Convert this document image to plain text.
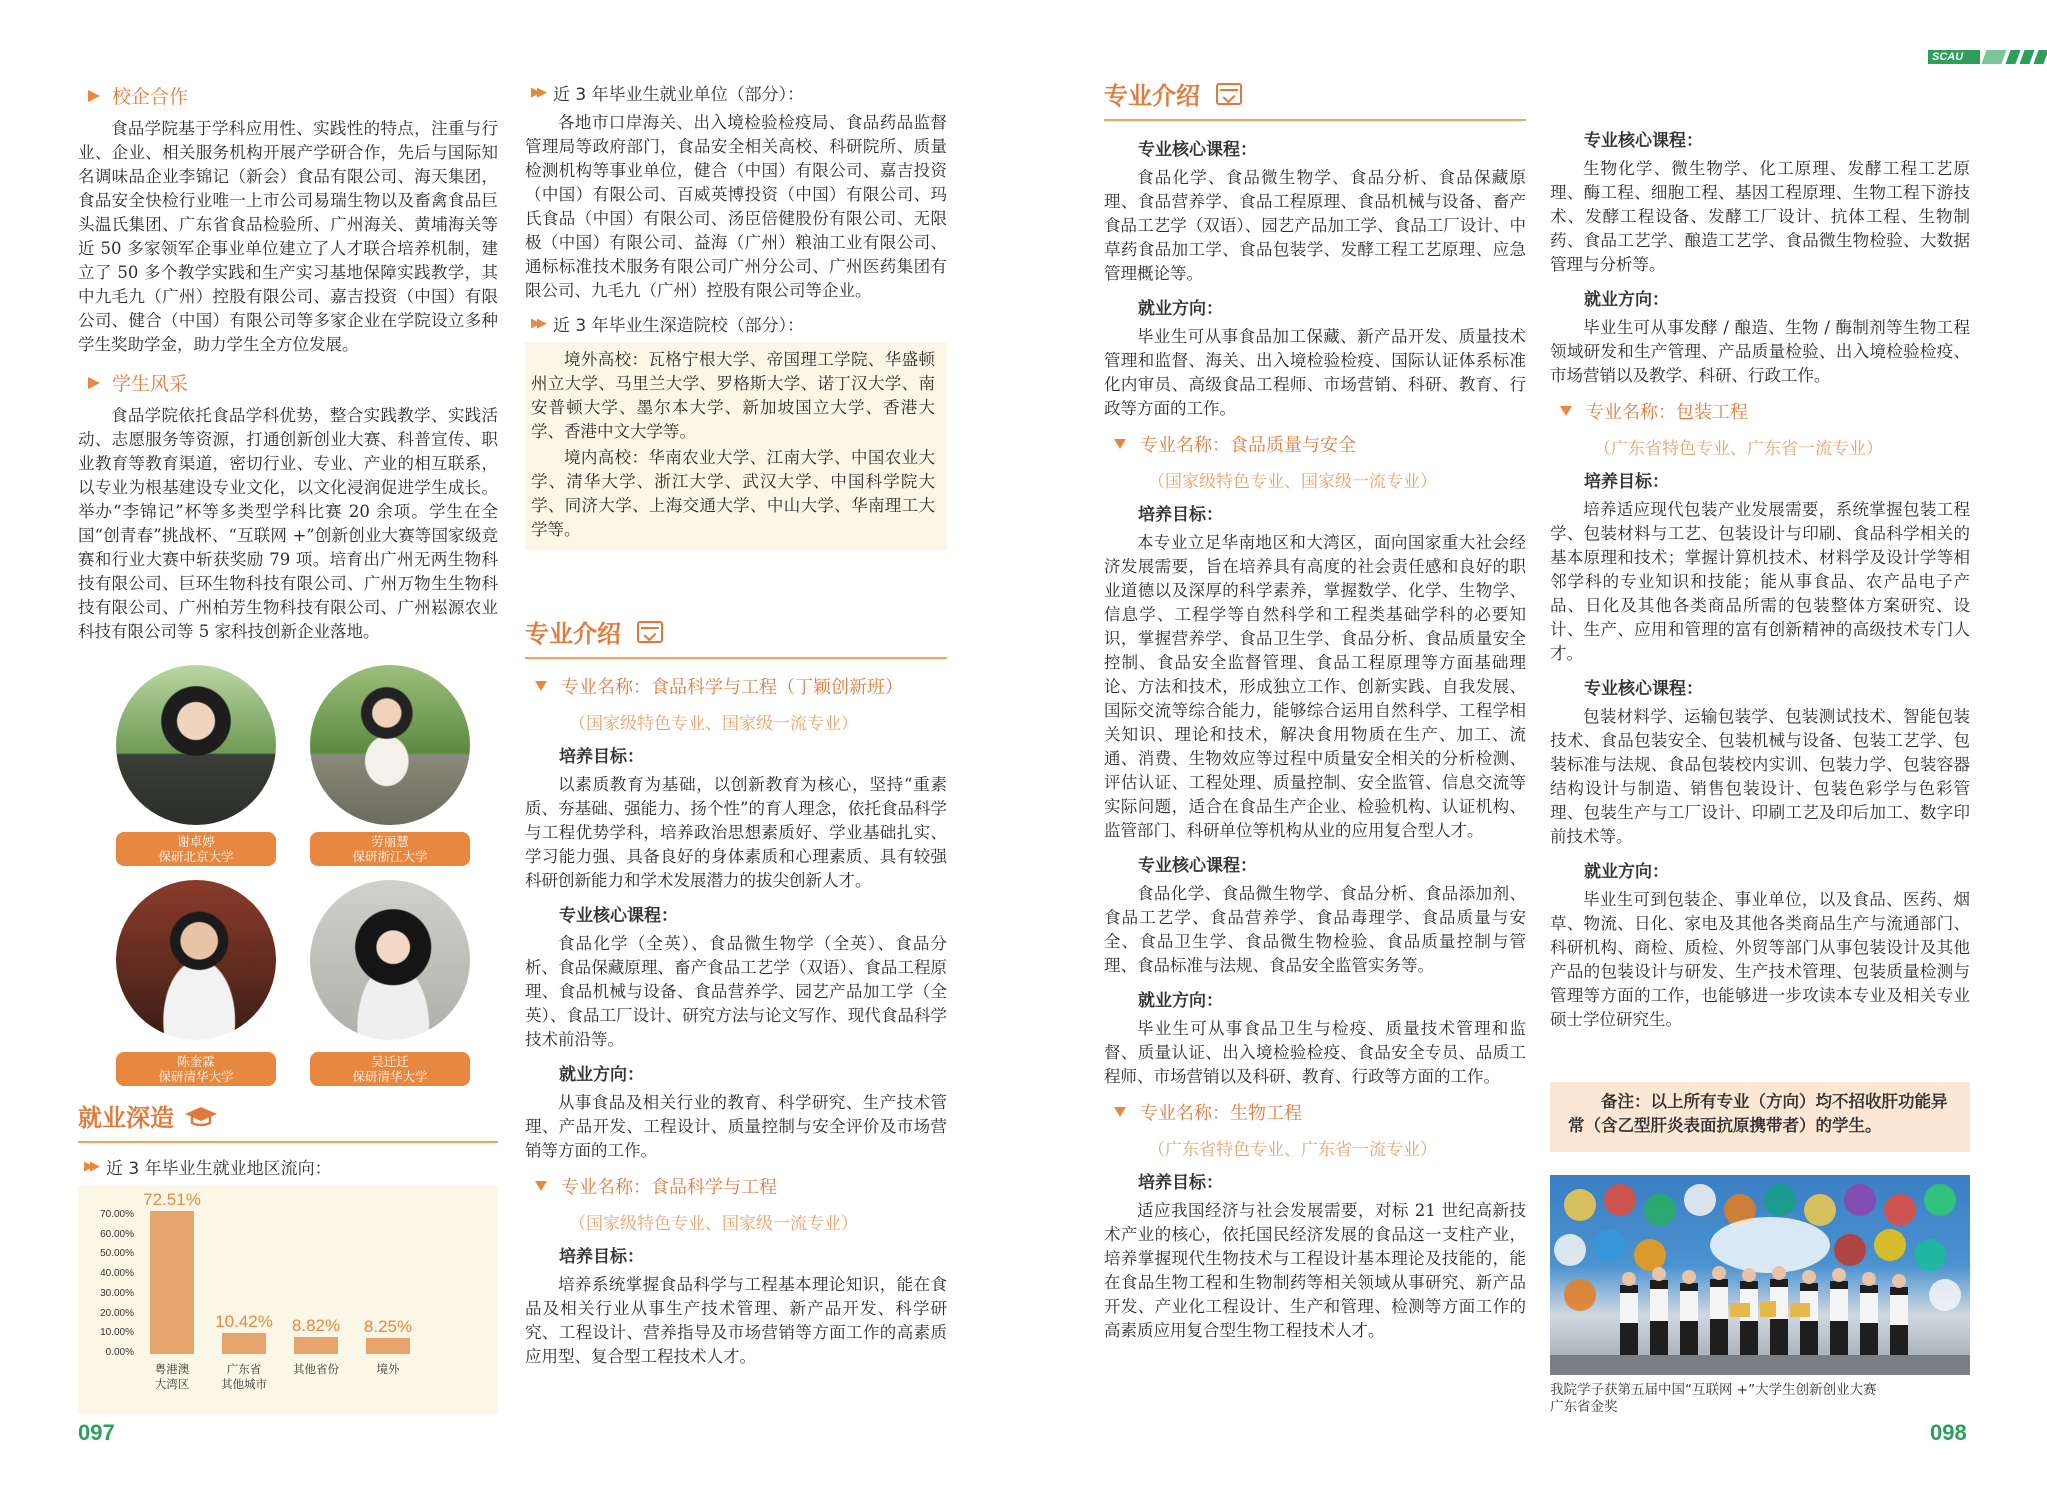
SCAU
校企合作

食品学院基于学科应用性、实践性的特点，注重与行业、企业、相关服务机构开展产学研合作，先后与国际知名调味品企业李锦记（新会）食品有限公司、海天集团，食品安全快检行业唯一上市公司易瑞生物以及畜禽食品巨头温氏集团、广东省食品检验所、广州海关、黄埔海关等近 50 多家领军企事业单位建立了人才联合培养机制，建立了 50 多个教学实践和生产实习基地保障实践教学，其中九毛九（广州）控股有限公司、嘉吉投资（中国）有限公司、健合（中国）有限公司等多家企业在学院设立多种学生奖助学金，助力学生全方位发展。

学生风采

食品学院依托食品学科优势，整合实践教学、实践活动、志愿服务等资源，打通创新创业大赛、科普宣传、职业教育等教育渠道，密切行业、专业、产业的相互联系，以专业为根基建设专业文化，以文化浸润促进学生成长。举办“李锦记”杯等多类型学科比赛 20 余项。学生在全国“创青春”挑战杯、“互联网 +”创新创业大赛等国家级竞赛和行业大赛中斩获奖励 79 项。培育出广州无两生物科技有限公司、巨环生物科技有限公司、广州万物生生物科技有限公司、广州柏芳生物科技有限公司、广州崧源农业科技有限公司等 5 家科技创新企业落地。

谢卓婷
保研北京大学
劳丽慧
保研浙江大学
陈奎霖
保研清华大学
吴迁迁
保研清华大学
就业深造
▶▶ 近 3 年毕业生就业地区流向：
70.00%
60.00%
50.00%
40.00%
30.00%
20.00%
10.00%
0.00%
72.51%
粤港澳
大湾区
10.42%
广东省
其他城市
8.82%
其他省份
8.25%
境外
▶▶ 近 3 年毕业生就业单位（部分）：

各地市口岸海关、出入境检验检疫局、食品药品监督管理局等政府部门，食品安全相关高校、科研院所、质量检测机构等事业单位，健合（中国）有限公司、嘉吉投资（中国）有限公司、百威英博投资（中国）有限公司、玛氏食品（中国）有限公司、汤臣倍健股份有限公司、无限极（中国）有限公司、益海（广州）粮油工业有限公司、通标标准技术服务有限公司广州分公司、广州医药集团有限公司、九毛九（广州）控股有限公司等企业。

▶▶ 近 3 年毕业生深造院校（部分）：

境外高校：瓦格宁根大学、帝国理工学院、华盛顿州立大学、马里兰大学、罗格斯大学、诺丁汉大学、南安普顿大学、墨尔本大学、新加坡国立大学、香港大学、香港中文大学等。

境内高校：华南农业大学、江南大学、中国农业大学、清华大学、浙江大学、武汉大学、中国科学院大学、同济大学、上海交通大学、中山大学、华南理工大学等。

专业介绍
专业名称：食品科学与工程（丁颖创新班）
（国家级特色专业、国家级一流专业）
培养目标：

以素质教育为基础，以创新教育为核心，坚持“重素质、夯基础、强能力、扬个性”的育人理念，依托食品科学与工程优势学科，培养政治思想素质好、学业基础扎实、学习能力强、具备良好的身体素质和心理素质、具有较强科研创新能力和学术发展潜力的拔尖创新人才。

专业核心课程：

食品化学（全英）、食品微生物学（全英）、食品分析、食品保藏原理、畜产食品工艺学（双语）、食品工程原理、食品机械与设备、食品营养学、园艺产品加工学（全英）、食品工厂设计、研究方法与论文写作、现代食品科学技术前沿等。

就业方向：

从事食品及相关行业的教育、科学研究、生产技术管理、产品开发、工程设计、质量控制与安全评价及市场营销等方面的工作。

专业名称：食品科学与工程
（国家级特色专业、国家级一流专业）
培养目标：

培养系统掌握食品科学与工程基本理论知识，能在食品及相关行业从事生产技术管理、新产品开发、科学研究、工程设计、营养指导及市场营销等方面工作的高素质应用型、复合型工程技术人才。

专业介绍
专业核心课程：

食品化学、食品微生物学、食品分析、食品保藏原理、食品营养学、食品工程原理、食品机械与设备、畜产食品工艺学（双语）、园艺产品加工学、食品工厂设计、中草药食品加工学、食品包装学、发酵工程工艺原理、应急管理概论等。

就业方向：

毕业生可从事食品加工保藏、新产品开发、质量技术管理和监督、海关、出入境检验检疫、国际认证体系标准化内审员、高级食品工程师、市场营销、科研、教育、行政等方面的工作。

专业名称：食品质量与安全
（国家级特色专业、国家级一流专业）
培养目标：

本专业立足华南地区和大湾区，面向国家重大社会经济发展需要，旨在培养具有高度的社会责任感和良好的职业道德以及深厚的科学素养，掌握数学、化学、生物学、信息学、工程学等自然科学和工程类基础学科的必要知识，掌握营养学、食品卫生学、食品分析、食品质量安全控制、食品安全监督管理、食品工程原理等方面基础理论、方法和技术，形成独立工作、创新实践、自我发展、国际交流等综合能力，能够综合运用自然科学、工程学相关知识、理论和技术，解决食用物质在生产、加工、流通、消费、生物效应等过程中质量安全相关的分析检测、评估认证、工程处理、质量控制、安全监管、信息交流等实际问题，适合在食品生产企业、检验机构、认证机构、监管部门、科研单位等机构从业的应用复合型人才。

专业核心课程：

食品化学、食品微生物学、食品分析、食品添加剂、食品工艺学、食品营养学、食品毒理学、食品质量与安全、食品卫生学、食品微生物检验、食品质量控制与管理、食品标准与法规、食品安全监管实务等。

就业方向：

毕业生可从事食品卫生与检疫、质量技术管理和监督、质量认证、出入境检验检疫、食品安全专员、品质工程师、市场营销以及科研、教育、行政等方面的工作。

专业名称：生物工程
（广东省特色专业、广东省一流专业）
培养目标：

适应我国经济与社会发展需要，对标 21 世纪高新技术产业的核心，依托国民经济发展的食品这一支柱产业，培养掌握现代生物技术与工程设计基本理论及技能的，能在食品生物工程和生物制药等相关领域从事研究、新产品开发、产业化工程设计、生产和管理、检测等方面工作的高素质应用复合型生物工程技术人才。

专业核心课程：

生物化学、微生物学、化工原理、发酵工程工艺原理、酶工程、细胞工程、基因工程原理、生物工程下游技术、发酵工程设备、发酵工厂设计、抗体工程、生物制药、食品工艺学、酿造工艺学、食品微生物检验、大数据管理与分析等。

就业方向：

毕业生可从事发酵 / 酿造、生物 / 酶制剂等生物工程领域研发和生产管理、产品质量检验、出入境检验检疫、市场营销以及教学、科研、行政工作。

专业名称：包装工程
（广东省特色专业、广东省一流专业）
培养目标：

培养适应现代包装产业发展需要，系统掌握包装工程学、包装材料与工艺、包装设计与印刷、食品科学相关的基本原理和技术；掌握计算机技术、材料学及设计学等相邻学科的专业知识和技能；能从事食品、农产品电子产品、日化及其他各类商品所需的包装整体方案研究、设计、生产、应用和管理的富有创新精神的高级技术专门人才。

专业核心课程：

包装材料学、运输包装学、包装测试技术、智能包装技术、食品包装安全、包装机械与设备、包装工艺学、包装标准与法规、食品包装校内实训、包装力学、包装容器结构设计与制造、销售包装设计、包装色彩学与色彩管理、包装生产与工厂设计、印刷工艺及印后加工、数字印前技术等。

就业方向：

毕业生可到包装企、事业单位，以及食品、医药、烟草、物流、日化、家电及其他各类商品生产与流通部门、科研机构、商检、质检、外贸等部门从事包装设计及其他产品的包装设计与研发、生产技术管理、包装质量检测与管理等方面的工作，也能够进一步攻读本专业及相关专业硕士学位研究生。

备注：以上所有专业（方向）均不招收肝功能异常（含乙型肝炎表面抗原携带者）的学生。
我院学子获第五届中国“互联网 +”大学生创新创业大赛
广东省金奖
097	098
